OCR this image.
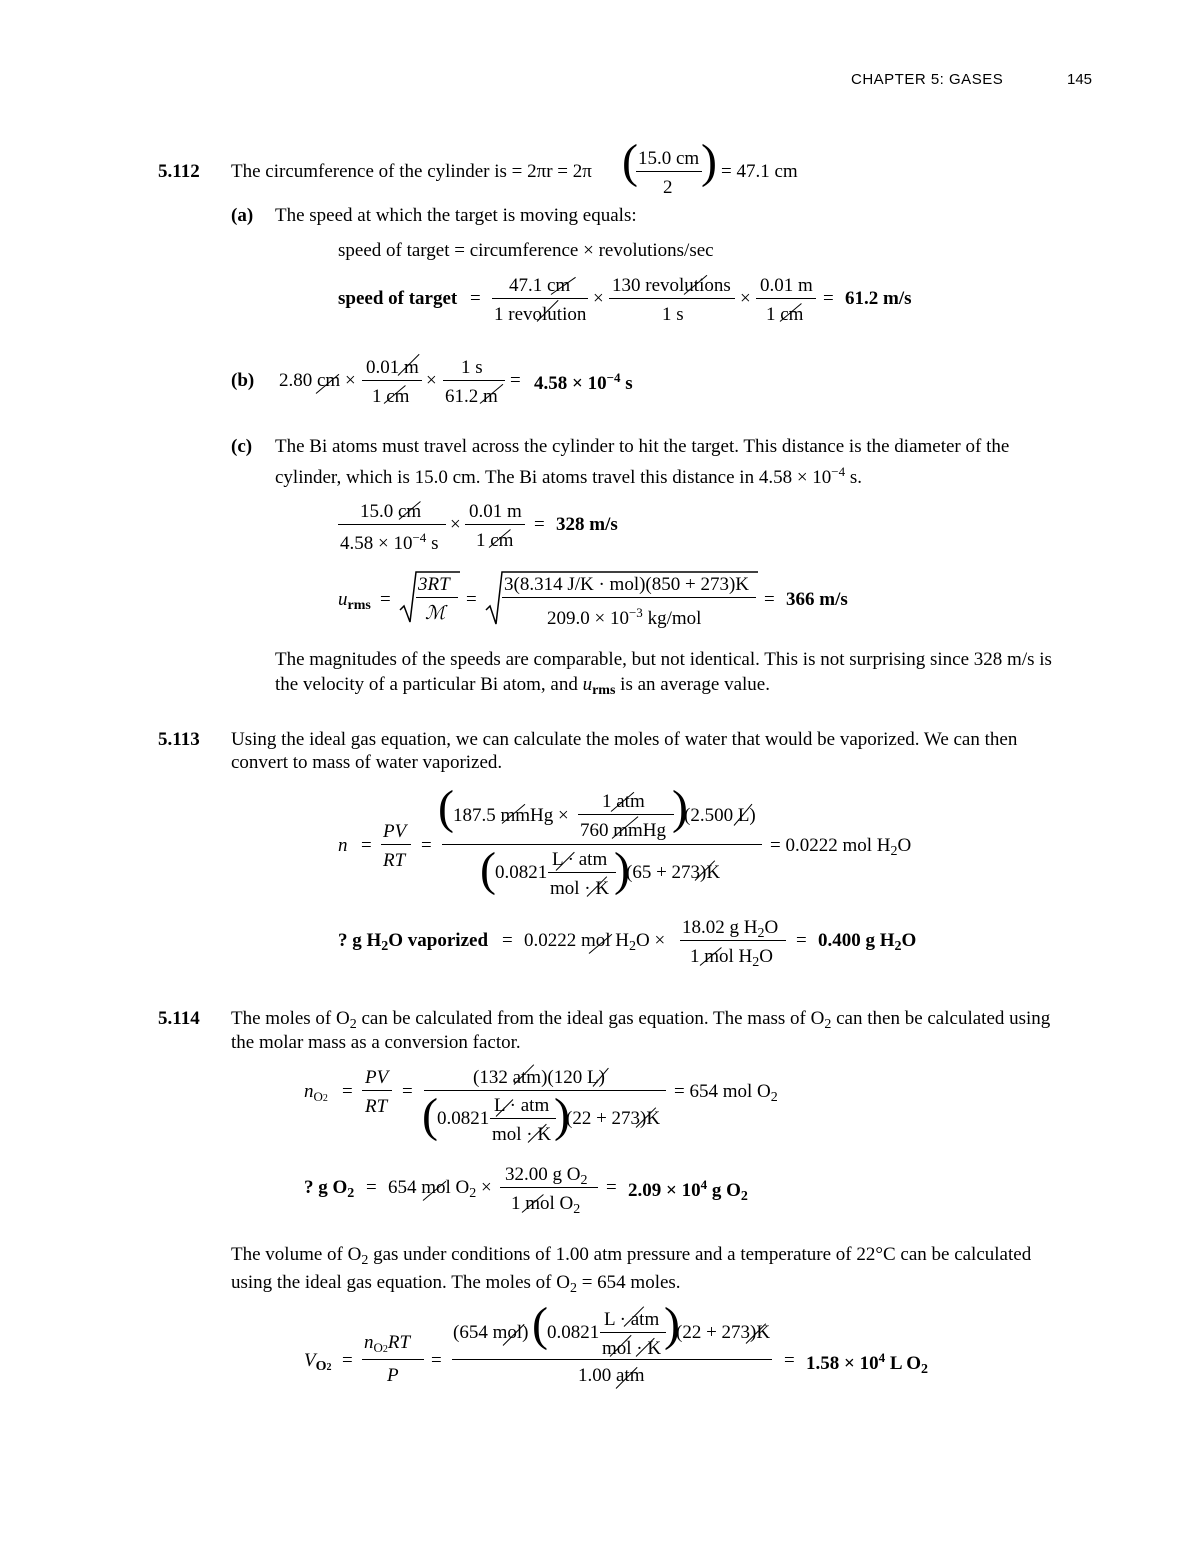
CHAPTER 5: GASES	145
5.112 The circumference of the cylinder is = 2πr = 2π ( 15.0 cm
2 ) = 47.1 cm
(a) The speed at which the target is moving equals:
speed of target = circumference × revolutions/sec
speed of target =
47.1 cm
1 revolution
×
130 revolutions
1 s
×
0.01 m
1 cm
= 61.2 m/s
(b) 2.80 cm ×
0.01 m
1 cm
×
1 s
61.2 m
= $4.58 \times 10^{-4}$ s
(c) The Bi atoms must travel across the cylinder to hit the target. This distance is the diameter of the
cylinder, which is 15.0 cm. The Bi atoms travel this distance in $4.58 \times 10^{-4}$ s.
15.0 cm
$4.58 \times 10^{-4}$ s
×
0.01 m
1 cm
= 328 m/s
$u_{rms}$ =
3RT
ℳ
=
3(8.314 J/K · mol)(850 + 273)K
$209.0 \times 10^{-3}$ kg/mol
= 366 m/s
The magnitudes of the speeds are comparable, but not identical. This is not surprising since 328 m/s is
the velocity of a particular Bi atom, and $u_{rms}$ is an average value.
5.113 Using the ideal gas equation, we can calculate the moles of water that would be vaporized. We can then
convert to mass of water vaporized.
n =
PV
RT
=
( 187.5 mmHg ×
1 atm
760 mmHg )
(2.500 L)
( 0.0821
L · atm
mol · K )
(65 + 273)K
= 0.0222 mol $H_2O$
? g $H_2O$ vaporized = 0.0222 mol $H_2O$ ×
18.02 g $H_2O$
1 mol $H_2O$
= 0.400 g $H_2O$
5.114 The moles of $O_2$ can be calculated from the ideal gas equation. The mass of $O_2$ can then be calculated using
the molar mass as a conversion factor.
$n_{O2}$ =
PV
RT
=
(132 atm)(120 L)
( 0.0821
L · atm
mol · K )
(22 + 273)K
= 654 mol $O_2$
? g $O_2 = 654$ mol $O_2$ ×
32.00 g $O_2$
1 mol $O_2$
= $2.09 \times 10^4$ g $O_2$
The volume of $O_2$ gas under conditions of 1.00 atm pressure and a temperature of 22°C can be calculated
using the ideal gas equation. The moles of $O_2 = 654$ moles.
$V_{O2}$ =
$n_{O2}RT$
P
=
(654 mol) ( 0.0821
L · atm
mol · K )
(22 + 273)K
1.00 atm
= $1.58 \times 10^4$ L $O_2$
